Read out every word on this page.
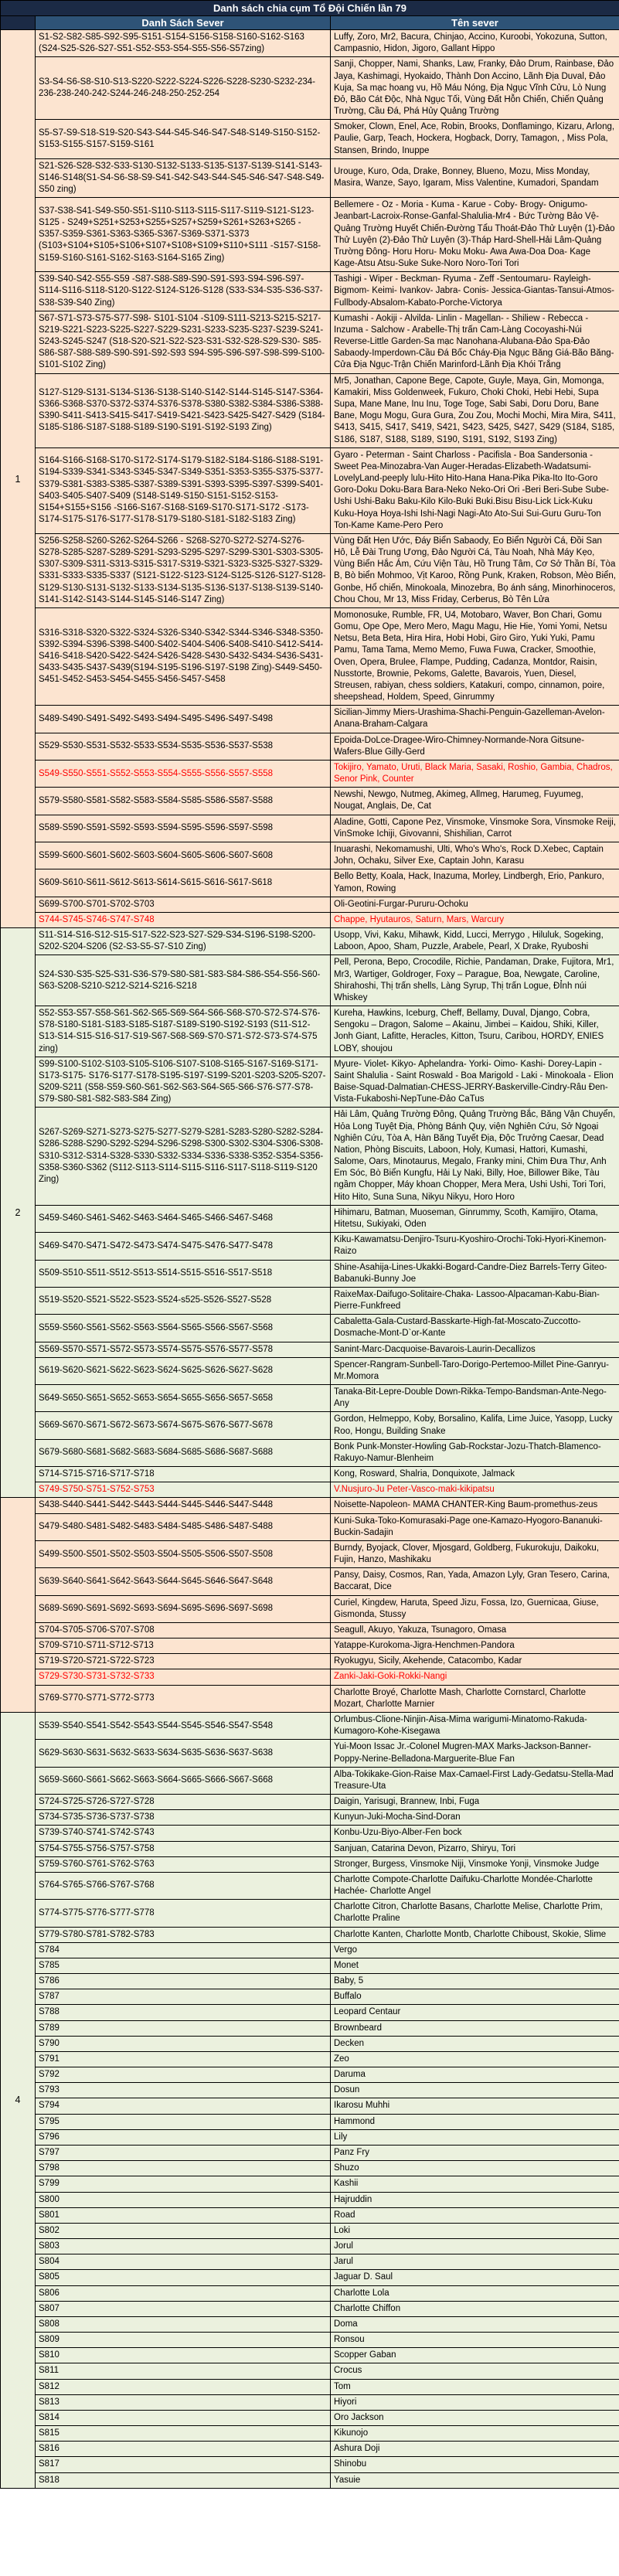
Danh sách chia cụm Tổ Đội Chiến lần 79		
	Danh Sách Sever	Tên sever
1	S1-S2-S82-S85-S92-S95-S151-S154-S156-S158-S160-S162-S163 (S24-S25-S26-S27-S51-S52-S53-S54-S55-S56-S57zing)	Luffy, Zoro, Mr2, Bacura, Chinjao, Accino, Kuroobi, Yokozuna, Sutton, Campasnio, Hidon, Jigoro, Gallant Hippo
	S3-S4-S6-S8-S10-S13-S220-S222-S224-S226-S228-S230-S232-234-236-238-240-242-S244-246-248-250-252-254	Sanji, Chopper, Nami, Shanks, Law, Franky, Đảo Drum, Rainbase, Đảo Jaya, Kashimagi, Hyokaido, Thành Don Accino, Lãnh Địa Duval, Đảo Kuja, Sa mạc hoang vu, Hồ Máu Nóng, Địa Ngục Vĩnh Cửu, Lò Nung Đỏ, Bão Cát Độc, Nhà Ngục Tối, Vùng Đất Hỗn Chiến, Chiến Quảng Trường, Cầu Đá, Phá Hủy Quảng Trường
	S5-S7-S9-S18-S19-S20-S43-S44-S45-S46-S47-S48-S149-S150-S152-S153-S155-S157-S159-S161	Smoker, Clown, Enel, Ace, Robin, Brooks, Donflamingo, Kizaru, Arlong, Paulie, Garp, Teach, Hockera, Hogback, Dorry, Tamagon, , Miss Pola, Stansen, Brindo, Inuppe
	S21-S26-S28-S32-S33-S130-S132-S133-S135-S137-S139-S141-S143-S146-S148(S1-S4-S6-S8-S9-S41-S42-S43-S44-S45-S46-S47-S48-S49-S50 zing)	Urouge, Kuro, Oda, Drake, Bonney, Blueno, Mozu, Miss Monday, Masira, Wanze, Sayo, Igaram, Miss Valentine, Kumadori, Spandam
S37-S38-S41-S49-S50-S51-S110-S113-S115-S117-S119-S121-S123-S125 - S249+S251+S253+S255+S257+S259+S261+S263+S265 - S357-S359-S361-S363-S365-S367-S369-S371-S373 (S103+S104+S105+S106+S107+S108+S109+S110+S111 -S157-S158-S159-S160-S161-S162-S163-S164-S165 Zing)	Bellemere - Oz - Moria - Kuma - Karue - Coby- Brogy- Onigumo-Jeanbart-Lacroix-Ronse-Ganfal-Shalulia-Mr4 - Bức Tường Bảo Vệ-Quảng Trường Huyết Chiến-Đường Tẩu Thoát-Đảo Thử Luyện (1)-Đảo Thử Luyện (2)-Đảo Thử Luyện (3)-Tháp Hard-Shell-Hải Lâm-Quảng Trường Đông- Horu Horu- Moku Moku- Awa Awa-Doa Doa- Kage Kage-Atsu Atsu-Suke Suke-Noro Noro-Tori Tori
	S39-S40-S42-S55-S59 -S87-S88-S89-S90-S91-S93-S94-S96-S97-S114-S116-S118-S120-S122-S124-S126-S128 (S33-S34-S35-S36-S37-S38-S39-S40 Zing)	Tashigi - Wiper - Beckman- Ryuma - Zeff -Sentoumaru- Rayleigh-Bigmom- Keimi- Ivankov- Jabra- Conis- Jessica-Giantas-Tansui-Atmos-Fullbody-Absalom-Kabato-Porche-Victorya
S67-S71-S73-S75-S77-S98- S101-S104 -S109-S111-S213-S215-S217-S219-S221-S223-S225-S227-S229-S231-S233-S235-S237-S239-S241-S243-S245-S247 (S18-S20-S21-S22-S23-S31-S32-S28-S29-S30- S85-S86-S87-S88-S89-S90-S91-S92-S93 S94-S95-S96-S97-S98-S99-S100-S101-S102 Zing)	Kumashi - Aokiji - Alvilda- Linlin - Magellan- - Shiliew - Rebecca - Inzuma - Salchow - Arabelle-Thị trấn Cam-Làng Cocoyashi-Núi Reverse-Little Garden-Sa mạc Nanohana-Alubana-Đảo Spa-Đảo Sabaody-Imperdown-Cầu Đá Bốc Cháy-Địa Ngục Băng Giá-Bão Băng-Cửa Địa Ngục-Trận Chiến Marinford-Lãnh Địa Khói Trắng
S127-S129-S131-S134-S136-S138-S140-S142-S144-S145-S147-S364-S366-S368-S370-S372-S374-S376-S378-S380-S382-S384-S386-S388-S390-S411-S413-S415-S417-S419-S421-S423-S425-S427-S429 (S184-S185-S186-S187-S188-S189-S190-S191-S192-S193 Zing)	Mr5, Jonathan, Capone Bege, Capote, Guyle, Maya, Gin, Momonga, Kamakiri, Miss Goldenweek, Fukuro, Choki Choki, Hebi Hebi, Supa Supa, Mane Mane, Inu Inu, Toge Toge, Sabi Sabi, Doru Doru, Bane Bane, Mogu Mogu, Gura Gura, Zou Zou, Mochi Mochi, Mira Mira, S411, S413, S415, S417, S419, S421, S423, S425, S427, S429 (S184, S185, S186, S187, S188, S189, S190, S191, S192, S193 Zing)
S164-S166-S168-S170-S172-S174-S179-S182-S184-S186-S188-S191-S194-S339-S341-S343-S345-S347-S349-S351-S353-S355-S375-S377-S379-S381-S383-S385-S387-S389-S391-S393-S395-S397-S399-S401-S403-S405-S407-S409 (S148-S149-S150-S151-S152-S153-S154+S155+S156 -S166-S167-S168-S169-S170-S171-S172 -S173-S174-S175-S176-S177-S178-S179-S180-S181-S182-S183 Zing)	Gyaro - Peterman - Saint Charloss - Pacifisla - Boa Sandersonia - Sweet Pea-Minozabra-Van Auger-Heradas-Elizabeth-Wadatsumi-LovelyLand-peeply lulu-Hito Hito-Hana Hana-Pika Pika-Ito Ito-Goro Goro-Doku Doku-Bara Bara-Neko Neko-Ori Ori -Beri Beri-Sube Sube-Ushi Ushi-Baku Baku-Kilo Kilo-Buki Buki.Bisu Bisu-Lick Lick-Kuku Kuku-Hoya Hoya-Ishi Ishi-Nagi Nagi-Ato Ato-Sui Sui-Guru Guru-Ton Ton-Kame Kame-Pero Pero
S256-S258-S260-S262-S264-S266 - S268-S270-S272-S274-S276-S278-S285-S287-S289-S291-S293-S295-S297-S299-S301-S303-S305-S307-S309-S311-S313-S315-S317-S319-S321-S323-S325-S327-S329-S331-S333-S335-S337 (S121-S122-S123-S124-S125-S126-S127-S128-S129-S130-S131-S132-S133-S134-S135-S136-S137-S138-S139-S140-S141-S142-S143-S144-S145-S146-S147 Zing)	Vùng Đất Hẹn Ước, Đáy Biển Sabaody, Eo Biển Người Cá, Đồi San Hô, Lễ Đài Trung Ương, Đảo Người Cá, Tàu Noah, Nhà Máy Kẹo, Vùng Biển Hắc Ám, Cứu Viện Tàu, Hồ Trung Tâm, Cơ Sở Thần Bí, Tòa B, Bò biển Mohmoo, Vịt Karoo, Rồng Punk, Kraken, Robson, Mèo Biển, Gonbe, Hổ chiến, Minokoala, Minozebra, Bọ ánh sáng, Minorhinoceros, Chou Chou, Mr 13, Miss Friday, Cerberus, Bò Tên Lửa
S316-S318-S320-S322-S324-S326-S340-S342-S344-S346-S348-S350-S392-S394-S396-S398-S400-S402-S404-S406-S408-S410-S412-S414-S416-S418-S420-S422-S424-S426-S428-S430-S432-S434-S436-S431-S433-S435-S437-S439(S194-S195-S196-S197-S198 Zing)-S449-S450-S451-S452-S453-S454-S455-S456-S457-S458	Momonosuke, Rumble, FR, U4, Motobaro, Waver, Bon Chari, Gomu Gomu, Ope Ope, Mero Mero, Magu Magu, Hie Hie, Yomi Yomi, Netsu Netsu, Beta Beta, Hira Hira, Hobi Hobi, Giro Giro, Yuki Yuki, Pamu Pamu, Tama Tama, Memo Memo, Fuwa Fuwa, Cracker, Smoothie, Oven, Opera, Brulee, Flampe, Pudding, Cadanza, Montdor, Raisin, Nusstorte, Brownie, Pekoms, Galette, Bavarois, Yuen, Diesel, Streusen, rabiyan, chess soldiers, Katakuri, compo, cinnamon, poire, sheepshead, Holdem, Speed, Ginrummy
	S489-S490-S491-S492-S493-S494-S495-S496-S497-S498	Sicilian-Jimmy Miers-Urashima-Shachi-Penguin-Gazelleman-Avelon-Anana-Braham-Calgara
	S529-S530-S531-S532-S533-S534-S535-S536-S537-S538	Epoida-DoLce-Dragee-Wiro-Chimney-Normande-Nora Gitsune- Wafers-Blue Gilly-Gerd
	S549-S550-S551-S552-S553-S554-S555-S556-S557-S558	Tokijiro, Yamato, Uruti, Black Maria, Sasaki, Roshio, Gambia, Chadros, Senor Pink, Counter
	S579-S580-S581-S582-S583-S584-S585-S586-S587-S588	Newshi, Newgo, Nutmeg, Akimeg, Allmeg, Harumeg, Fuyumeg, Nougat, Anglais, De, Cat
	S589-S590-S591-S592-S593-S594-S595-S596-S597-S598	Aladine, Gotti, Capone Pez, Vinsmoke, Vinsmoke Sora, Vinsmoke Reiji, VinSmoke Ichiji, Givovanni, Shishilian, Carrot
	S599-S600-S601-S602-S603-S604-S605-S606-S607-S608	Inuarashi, Nekomamushi, Ulti, Who's Who's, Rock D.Xebec, Captain John, Ochaku, Silver Exe, Captain John, Karasu
	S609-S610-S611-S612-S613-S614-S615-S616-S617-S618	Bello Betty, Koala, Hack, Inazuma, Morley, Lindbergh, Erio, Pankuro, Yamon, Rowing
	S699-S700-S701-S702-S703	Oli-Geotini-Furgar-Pururu-Ochoku
	S744-S745-S746-S747-S748	Chappe, Hyutauros, Saturn, Mars, Warcury
2	S11-S14-S16-S12-S15-S17-S22-S23-S27-S29-S34-S196-S198-S200-S202-S204-S206 (S2-S3-S5-S7-S10 Zing)	Usopp, Vivi, Kaku, Mihawk, Kidd, Lucci, Merrygo , Hiluluk, Sogeking, Laboon, Apoo, Sham, Puzzle, Arabele, Pearl, X Drake, Ryuboshi
	S24-S30-S35-S25-S31-S36-S79-S80-S81-S83-S84-S86-S54-S56-S60-S63-S208-S210-S212-S214-S216-S218	Pell, Perona, Bepo, Crocodile, Richie, Pandaman, Drake, Fujitora, Mr1, Mr3, Wartiger, Goldroger, Foxy – Parague, Boa, Newgate, Caroline, Shirahoshi, Thị trấn shells, Làng Syrup, Thị trấn Logue, ĐỈnh núi Whiskey
	S52-S53-S57-S58-S61-S62-S65-S69-S64-S66-S68-S70-S72-S74-S76-S78-S180-S181-S183-S185-S187-S189-S190-S192-S193 (S11-S12-S13-S14-S15-S16-S17-S19-S67-S68-S69-S70-S71-S72-S73-S74-S75 zing)	Kureha, Hawkins, Iceburg, Cheff, Bellamy, Duval, Django, Cobra, Sengoku – Dragon, Salome – Akainu, Jimbei – Kaidou, Shiki, Killer, Jonh Giant, Lafitte, Heracles, Kitton, Tsuru, Caribou, HORDY, ENIES LOBY, shoujou
S99-S100-S102-S103-S105-S106-S107-S108-S165-S167-S169-S171-S173-S175- S176-S177-S178-S195-S197-S199-S201-S203-S205-S207-S209-S211 (S58-S59-S60-S61-S62-S63-S64-S65-S66-S76-S77-S78-S79-S80-S81-S82-S83-S84 Zing)	Myure- Violet- Kikyo- Aphelandra- Yorki- Oimo- Kashi- Dorey-Lapin - Saint Shalulia - Saint Roswald - Boa Marigold - Laki - Minokoala - Elion Baise-Squad-Dalmatian-CHESS-JERRY-Baskerville-Cindry-Râu Đen-Vista-Fukaboshi-NepTune-Đảo CaTus
S267-S269-S271-S273-S275-S277-S279-S281-S283-S280-S282-S284-S286-S288-S290-S292-S294-S296-S298-S300-S302-S304-S306-S308-S310-S312-S314-S328-S330-S332-S334-S336-S338-S352-S354-S356-S358-S360-S362 (S112-S113-S114-S115-S116-S117-S118-S119-S120 Zing)	Hải Lâm, Quảng Trường Đông, Quảng Trường Bắc, Băng Vận Chuyển, Hỏa Long Tuyệt Địa, Phòng Bánh Quy, viện Nghiên Cứu, Sở Ngoại Nghiên Cứu, Tòa A, Hàn Băng Tuyết Địa, Độc Trưởng Caesar, Dead Nation, Phòng Biscuits, Laboon, Holy, Kumasi, Hattori, Kumashi, Salome, Oars, Minotaurus, Megalo, Franky mini, Chim Đưa Thư, Anh Em Sóc, Bò Biển Kungfu, Hải Ly Naki, Billy, Hoe, Billower Bike, Tàu ngầm Chopper, Máy khoan Chopper, Mera Mera, Ushi Ushi, Tori Tori, Hito Hito, Suna Suna, Nikyu Nikyu, Horo Horo
	S459-S460-S461-S462-S463-S464-S465-S466-S467-S468	Hihimaru, Batman, Muoseman, Ginrummy, Scoth, Kamijiro, Otama, Hitetsu, Sukiyaki, Oden
	S469-S470-S471-S472-S473-S474-S475-S476-S477-S478	Kiku-Kawamatsu-Denjiro-Tsuru-Kyoshiro-Orochi-Toki-Hyori-Kinemon-Raizo
	S509-S510-S511-S512-S513-S514-S515-S516-S517-S518	Shine-Asahija-Lines-Ukakki-Bogard-Candre-Diez Barrels-Terry Giteo-Babanuki-Bunny Joe
	S519-S520-S521-S522-S523-S524-s525-S526-S527-S528	RaixeMax-Daifugo-Solitaire-Chaka- Lassoo-Alpacaman-Kabu-Bian-Pierre-Funkfreed
	S559-S560-S561-S562-S563-S564-S565-S566-S567-S568	Cabaletta-Gala-Custard-Basskarte-High-fat-Moscato-Zuccotto-Dosmache-Mont-D`or-Kante
	S569-S570-S571-S572-S573-S574-S575-S576-S577-S578	Sanint-Marc-Dacquoise-Bavarois-Laurin-Decallizos
	S619-S620-S621-S622-S623-S624-S625-S626-S627-S628	Spencer-Rangram-Sunbell-Taro-Dorigo-Pertemoo-Millet Pine-Ganryu-Mr.Momora
	S649-S650-S651-S652-S653-S654-S655-S656-S657-S658	Tanaka-Bit-Lepre-Double Down-Rikka-Tempo-Bandsman-Ante-Nego-Any
	S669-S670-S671-S672-S673-S674-S675-S676-S677-S678	Gordon, Helmeppo, Koby, Borsalino, Kalifa, Lime Juice, Yasopp, Lucky Roo, Hongu, Building Snake
	S679-S680-S681-S682-S683-S684-S685-S686-S687-S688	Bonk Punk-Monster-Howling Gab-Rockstar-Jozu-Thatch-Blamenco-Rakuyo-Namur-Blenheim
	S714-S715-S716-S717-S718	Kong, Rosward, Shalria, Donquixote, Jalmack
	S749-S750-S751-S752-S753	V.Nusjuro-Ju Peter-Vasco-maki-kikipatsu
	S438-S440-S441-S442-S443-S444-S445-S446-S447-S448	Noisette-Napoleon- MAMA CHANTER-King Baum-promethus-zeus
	S479-S480-S481-S482-S483-S484-S485-S486-S487-S488	Kuni-Suka-Toko-Komurasaki-Page one-Kamazo-Hyogoro-Bananuki-Buckin-Sadajin
	S499-S500-S501-S502-S503-S504-S505-S506-S507-S508	Burndy, Byojack, Clover, Mjosgard, Goldberg, Fukurokuju, Daikoku, Fujin, Hanzo, Mashikaku
	S639-S640-S641-S642-S643-S644-S645-S646-S647-S648	Pansy, Daisy, Cosmos, Ran, Yada, Amazon Lyly, Gran Tesero, Carina, Baccarat, Dice
	S689-S690-S691-S692-S693-S694-S695-S696-S697-S698	Curiel, Kingdew, Haruta, Speed Jizu, Fossa, Izo, Guernicaa, Giuse, Gismonda, Stussy
	S704-S705-S706-S707-S708	Seagull, Akuyo, Yakuza, Tsunagoro, Omasa
	S709-S710-S711-S712-S713	Yatappe-Kurokoma-Jigra-Henchmen-Pandora
	S719-S720-S721-S722-S723	Ryokugyu, Sicily, Akehende, Catacombo, Kadar
	S729-S730-S731-S732-S733	Zanki-Jaki-Goki-Rokki-Nangi
	S769-S770-S771-S772-S773	Charlotte Broyé, Charlotte Mash, Charlotte Cornstarcl, Charlotte Mozart, Charlotte Marnier
4	S539-S540-S541-S542-S543-S544-S545-S546-S547-S548	Orlumbus-Clione-Ninjin-Aisa-Mima warigumi-Minatomo-Rakuda-Kumagoro-Kohe-Kisegawa
	S629-S630-S631-S632-S633-S634-S635-S636-S637-S638	Yui-Moon Issac Jr.-Colonel Mugren-MAX Marks-Jackson-Banner-Poppy-Nerine-Belladona-Marguerite-Blue Fan
	S659-S660-S661-S662-S663-S664-S665-S666-S667-S668	Alba-Tokikake-Gion-Raise Max-Camael-First Lady-Gedatsu-Stella-Mad Treasure-Uta
	S724-S725-S726-S727-S728	Daigin, Yarisugi, Brannew, Inbi, Fuga
	S734-S735-S736-S737-S738	Kunyun-Juki-Mocha-Sind-Doran
	S739-S740-S741-S742-S743	Konbu-Uzu-Biyo-Alber-Fen bock
	S754-S755-S756-S757-S758	Sanjuan, Catarina Devon, Pizarro, Shiryu, Tori
	S759-S760-S761-S762-S763	Stronger, Burgess, Vinsmoke Niji, Vinsmoke Yonji, Vinsmoke Judge
	S764-S765-S766-S767-S768	Charlotte Compote-Charlotte Daifuku-Charlotte Mondée-Charlotte Hachée- Charlotte Angel
	S774-S775-S776-S777-S778	Charlotte Citron, Charlotte Basans, Charlotte Melise, Charlotte Prim, Charlotte Praline
	S779-S780-S781-S782-S783	Charlotte Kanten, Charlotte Montb, Charlotte Chiboust, Skokie, Slime
	S784	Vergo
	S785	Monet
	S786	Baby, 5
	S787	Buffalo
	S788	Leopard Centaur
	S789	Brownbeard
	S790	Decken
	S791	Zeo
	S792	Daruma
	S793	Dosun
	S794	Ikarosu Muhhi
	S795	Hammond
	S796	Lily
	S797	Panz Fry
	S798	Shuzo
	S799	Kashii
	S800	Hajruddin
	S801	Road
	S802	Loki
	S803	Jorul
	S804	Jarul
	S805	Jaguar D. Saul
	S806	Charlotte Lola
	S807	Charlotte Chiffon
	S808	Doma
	S809	Ronsou
	S810	Scopper Gaban
	S811	Crocus
	S812	Tom
	S813	Hiyori
	S814	Oro Jackson
	S815	Kikunojo
	S816	Ashura Doji
	S817	Shinobu
	S818	Yasuie
